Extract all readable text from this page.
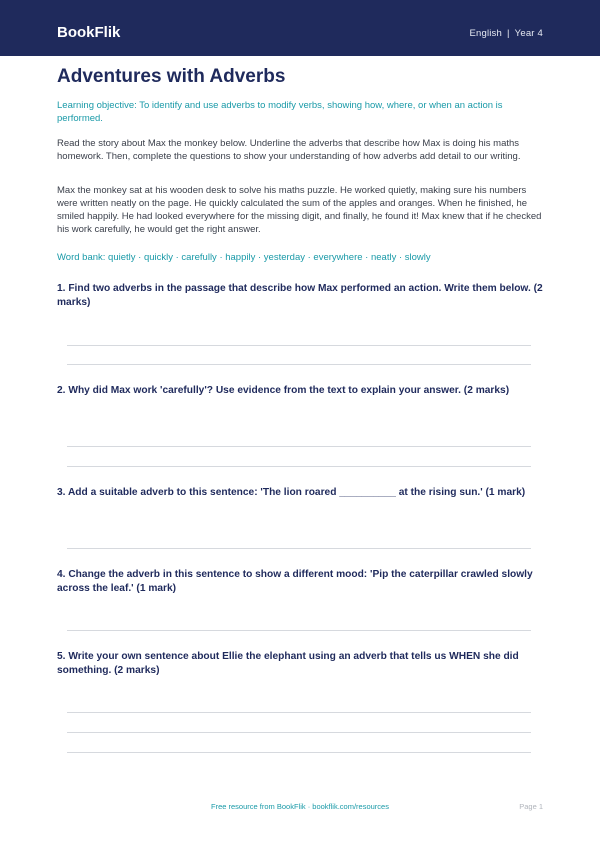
BookFlik	English | Year 4
Adventures with Adverbs
Learning objective: To identify and use adverbs to modify verbs, showing how, where, or when an action is performed.
Read the story about Max the monkey below. Underline the adverbs that describe how Max is doing his maths homework. Then, complete the questions to show your understanding of how adverbs add detail to our writing.
Max the monkey sat at his wooden desk to solve his maths puzzle. He worked quietly, making sure his numbers were written neatly on the page. He quickly calculated the sum of the apples and oranges. When he finished, he smiled happily. He had looked everywhere for the missing digit, and finally, he found it! Max knew that if he checked his work carefully, he would get the right answer.
Word bank: quietly · quickly · carefully · happily · yesterday · everywhere · neatly · slowly
1. Find two adverbs in the passage that describe how Max performed an action. Write them below. (2 marks)
2. Why did Max work 'carefully'? Use evidence from the text to explain your answer. (2 marks)
3. Add a suitable adverb to this sentence: 'The lion roared __________ at the rising sun.' (1 mark)
4. Change the adverb in this sentence to show a different mood: 'Pip the caterpillar crawled slowly across the leaf.' (1 mark)
5. Write your own sentence about Ellie the elephant using an adverb that tells us WHEN she did something. (2 marks)
Free resource from BookFlik · bookflik.com/resources	Page 1
